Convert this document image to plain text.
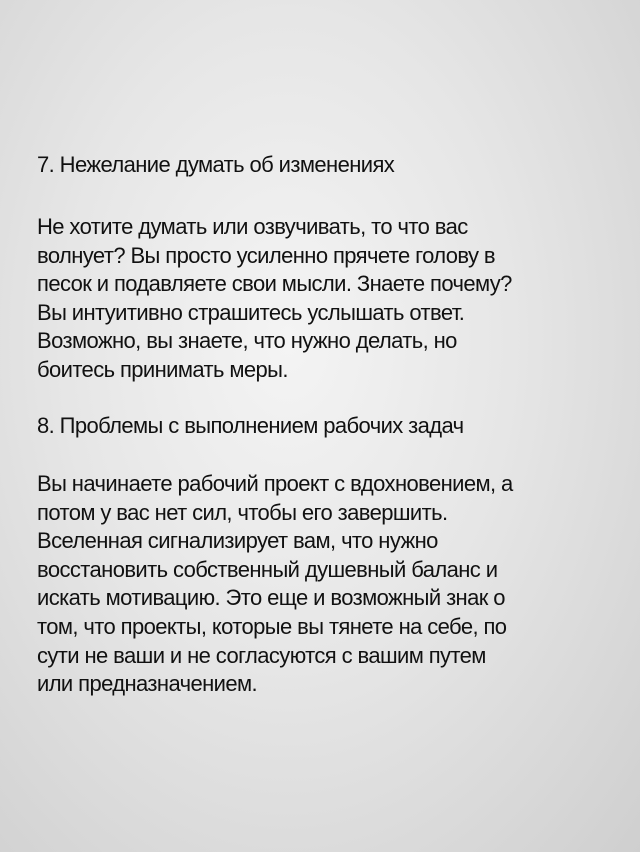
7. Нежелание думать об изменениях
Не хотите думать или озвучивать, то что вас
волнует? Вы просто усиленно прячете голову в
песок и подавляете свои мысли. Знаете почему?
Вы интуитивно страшитесь услышать ответ.
Возможно, вы знаете, что нужно делать, но
боитесь принимать меры.
8. Проблемы с выполнением рабочих задач
Вы начинаете рабочий проект с вдохновением, а
потом у вас нет сил, чтобы его завершить.
Вселенная сигнализирует вам, что нужно
восстановить собственный душевный баланс и
искать мотивацию. Это еще и возможный знак о
том, что проекты, которые вы тянете на себе, по
сути не ваши и не согласуются с вашим путем
или предназначением.
